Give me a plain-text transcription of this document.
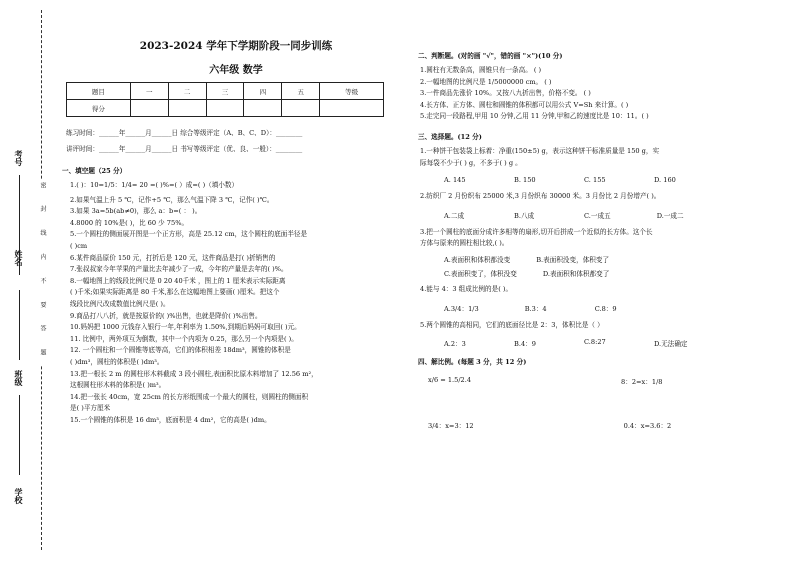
考号
姓名
班级
学校
密 封 线 内 不 要 答 题
2023-2024 学年下学期阶段一同步训练
六年级 数学
题目	一	二	三	四	五	等级
得分						
练习时间：______年______月______日 综合等级评定（A、B、C、D）：________
讲评时间：______年______月______日 书写等级评定（优、良、一般）：________
一、填空题（25 分）
1.( )：10=1/5：1/4= 20 =( )%=( ）成=( )（填小数）
2.如果气温上升 5 ℃，记作+5 ℃，那么气温下降 3 ℃，记作( )℃。
3.如果 3a=5b(ab≠0)，那么 a：b=( ： )。
4.8000 的 10%是( )，比 60 少 75%。
5.一个圆柱的侧面展开图是一个正方形，高是 25.12 cm，这个圆柱的底面半径是
( )cm
6.某件商品原价 150 元，打折后是 120 元，这件商品是打( )折销售的
7.张叔叔家今年苹果的产量比去年减少了一成，今年的产量是去年的( )%。
8.一幅地图上的线段比例尺是 0 20 40千米 ，图上的 1 厘米表示实际距离
( )千米;如果实际距离是 80 千米,那么在这幅地图上要画( )厘米。把这个
线段比例尺改成数值比例尺是( )。
9.商品打八八折，就是按原价的( )%出售，也就是降价( )%出售。
10.妈妈把 1000 元钱存入银行一年,年利率为 1.50%,到期后妈妈可取回( )元。
11. 比例中，两外项互为倒数，其中一个内项为 0.25，那么另一个内项是( )。
12. 一个圆柱和一个圆锥等底等高，它们的体积相差 18dm³，圆锥的体积是
( )dm³，圆柱的体积是( )dm³。
13.把一根长 2 m 的圆柱形木料截成 3 段小圆柱,表面积比原木料增加了 12.56 m²，
这根圆柱形木料的体积是( )m³。
14.把一张长 40cm，宽 25cm 的长方形纸围成一个最大的圆柱，则圆柱的侧面积
是( )平方厘米
15.一个圆锥的体积是 16 dm³，底面积是 4 dm²，它的高是( )dm。
二、判断题。(对的画 "√"，错的画 "×")(10 分)
1.圆柱有无数条高，圆锥只有一条高。 ( )
2.一幅地图的比例尺是 1/5000000 cm。 ( )
3.一件商品先涨价 10%。又按八九折出售，价格不变。 ( )
4.长方体、正方体、圆柱和圆锥的体积都可以用公式 V=Sh 来计算。( )
5.走完同一段路程,甲用 10 分钟,乙用 11 分钟,甲和乙的速度比是 10：11。( )
三、选择题。(12 分)
1.一种饼干包装袋上标着：净重(150±5) g，表示这种饼干标准质量是 150 g，实
际每袋不少于( ) g，不多于( ) g 。
A. 145	B. 150	C. 155	D. 160
2.纺织厂 2 月份织布 25000 米,3 月份织布 30000 米。3 月份比 2 月份增产( )。
A.二成	B.八成	C.一成五	D.一成二
3.把一个圆柱的底面分成许多相等的扇形,切开后拼成一个近似的长方体。这个长
方体与原来的圆柱相比较,( )。
A.表面积和体积都没变	B.表面积没变，体积变了
C.表面积变了，体积没变	D.表面积和体积都变了
4.能与 4：3 组成比例的是( )。
A.3/4：1/3	B.3：4	C.8：9
5.两个圆锥的高相同，它们的底面径比是 2：3，体积比是（ ）
A.2：3	B.4：9	C.8:27	D.无法确定
四、解比例。(每题 3 分，共 12 分)
x/6 = 1.5/2.4	8：2=x：1/8
3/4：x=3：12	0.4：x=3.6：2
